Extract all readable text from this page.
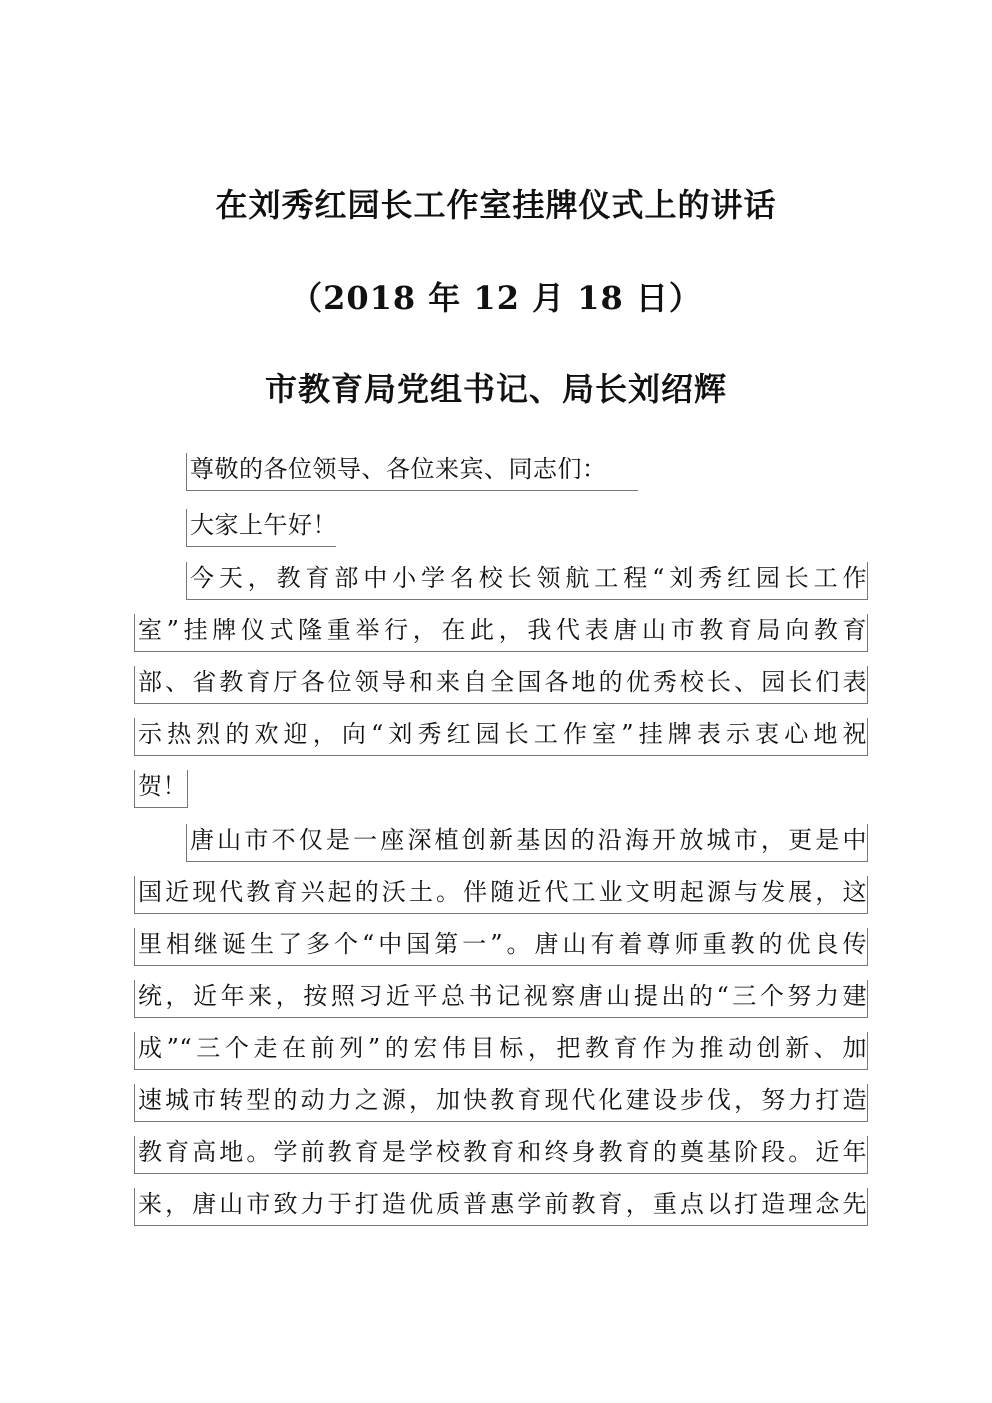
在刘秀红园长工作室挂牌仪式上的讲话
（2018 年 12 月 18 日）
市教育局党组书记、局长刘绍辉
尊敬的各位领导、各位来宾、同志们：
大家上午好！
今天，教育部中小学名校长领航工程“刘秀红园长工作
室”挂牌仪式隆重举行，在此，我代表唐山市教育局向教育
部、省教育厅各位领导和来自全国各地的优秀校长、园长们表
示热烈的欢迎，向“刘秀红园长工作室”挂牌表示衷心地祝
贺！
唐山市不仅是一座深植创新基因的沿海开放城市，更是中
国近现代教育兴起的沃土。伴随近代工业文明起源与发展，这
里相继诞生了多个“中国第一”。唐山有着尊师重教的优良传
统，近年来，按照习近平总书记视察唐山提出的“三个努力建
成”“三个走在前列”的宏伟目标，把教育作为推动创新、加
速城市转型的动力之源，加快教育现代化建设步伐，努力打造
教育高地。学前教育是学校教育和终身教育的奠基阶段。近年
来，唐山市致力于打造优质普惠学前教育，重点以打造理念先
